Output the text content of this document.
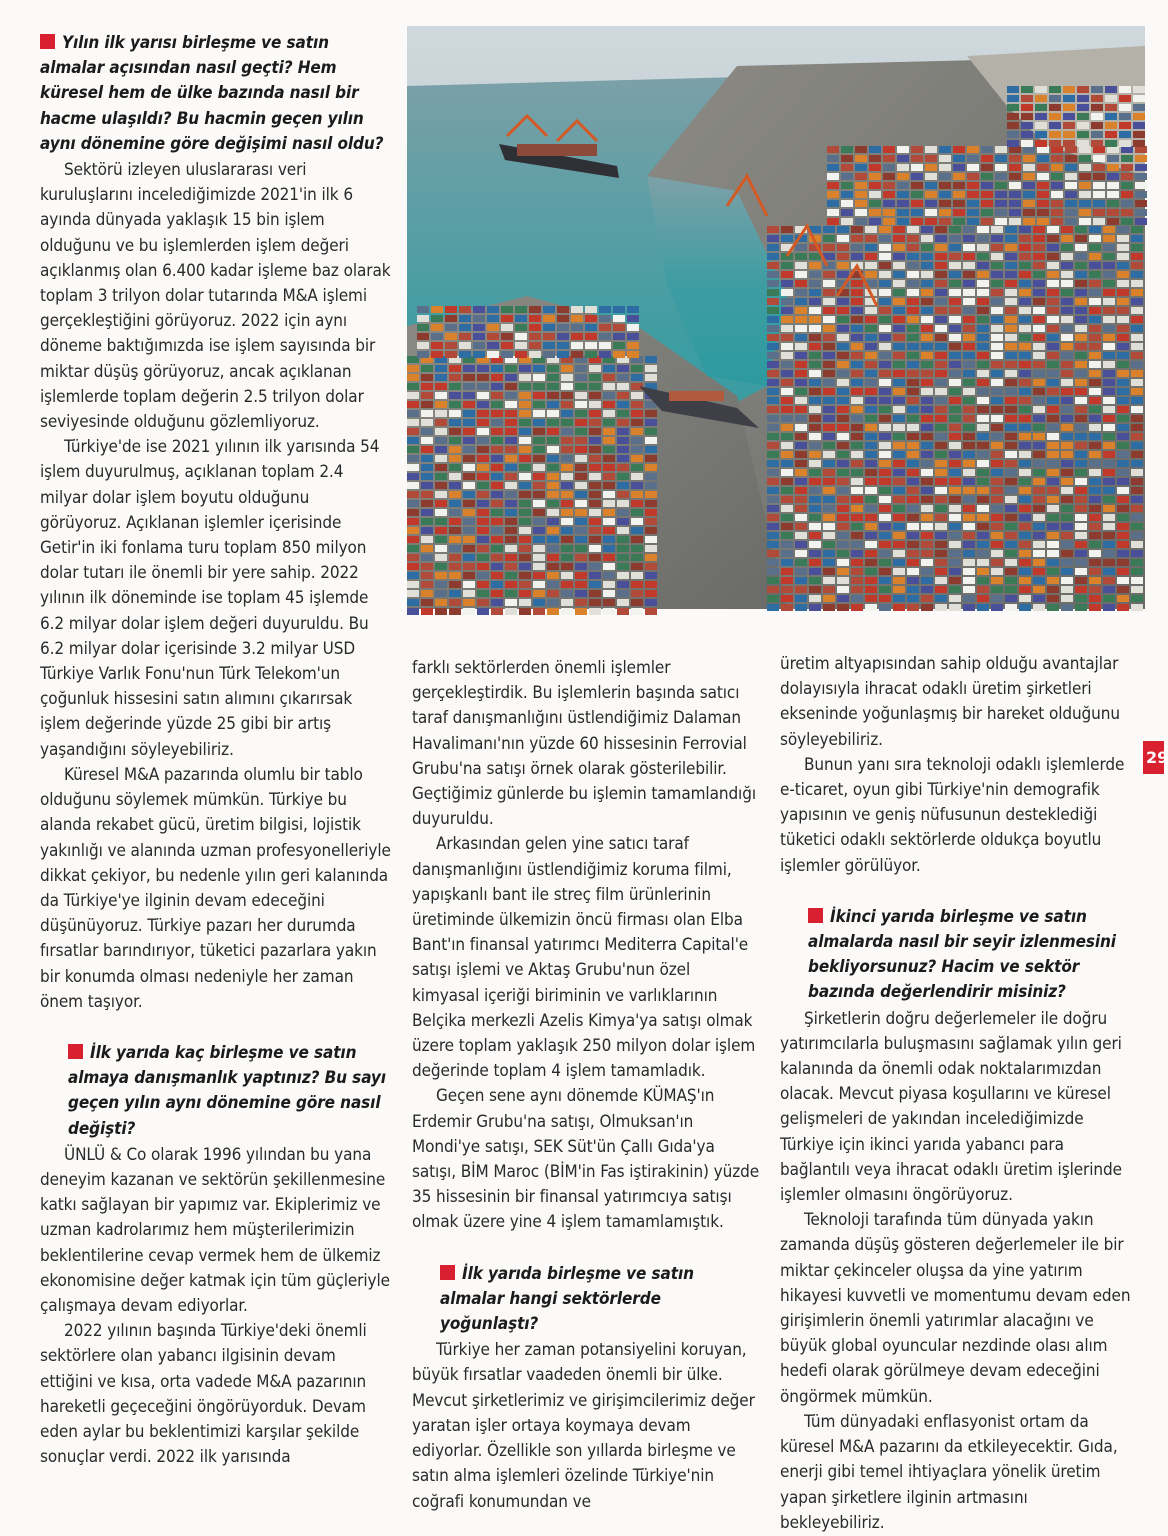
Yılın ilk yarısı birleşme ve satın almalar açısından nasıl geçti? Hem küresel hem de ülke bazında nasıl bir hacme ulaşıldı? Bu hacmin geçen yılın aynı dönemine göre değişimi nasıl oldu?

Sektörü izleyen uluslararası veri kuruluşlarını incelediğimizde 2021'in ilk 6 ayında dünyada yaklaşık 15 bin işlem olduğunu ve bu işlemlerden işlem değeri açıklanmış olan 6.400 kadar işleme baz olarak toplam 3 trilyon dolar tutarında M&A işlemi gerçekleştiğini görüyoruz. 2022 için aynı döneme baktığımızda ise işlem sayısında bir miktar düşüş görüyoruz, ancak açıklanan işlemlerde toplam değerin 2.5 trilyon dolar seviyesinde olduğunu gözlemliyoruz.

Türkiye'de ise 2021 yılının ilk yarısında 54 işlem duyurulmuş, açıklanan toplam 2.4 milyar dolar işlem boyutu olduğunu görüyoruz. Açıklanan işlemler içerisinde Getir'in iki fonlama turu toplam 850 milyon dolar tutarı ile önemli bir yere sahip. 2022 yılının ilk döneminde ise toplam 45 işlemde 6.2 milyar dolar işlem değeri duyuruldu. Bu 6.2 milyar dolar içerisinde 3.2 milyar USD Türkiye Varlık Fonu'nun Türk Telekom'un çoğunluk hissesini satın alımını çıkarırsak işlem değerinde yüzde 25 gibi bir artış yaşandığını söyleyebiliriz.

Küresel M&A pazarında olumlu bir tablo olduğunu söylemek mümkün. Türkiye bu alanda rekabet gücü, üretim bilgisi, lojistik yakınlığı ve alanında uzman profesyonelleriyle dikkat çekiyor, bu nedenle yılın geri kalanında da Türkiye'ye ilginin devam edeceğini düşünüyoruz. Türkiye pazarı her durumda fırsatlar barındırıyor, tüketici pazarlara yakın bir konumda olması nedeniyle her zaman önem taşıyor.

İlk yarıda kaç birleşme ve satın almaya danışmanlık yaptınız? Bu sayı geçen yılın aynı dönemine göre nasıl değişti?

ÜNLÜ & Co olarak 1996 yılından bu yana deneyim kazanan ve sektörün şekillenmesine katkı sağlayan bir yapımız var. Ekiplerimiz ve uzman kadrolarımız hem müşterilerimizin beklentilerine cevap vermek hem de ülkemiz ekonomisine değer katmak için tüm güçleriyle çalışmaya devam ediyorlar.

2022 yılının başında Türkiye'deki önemli sektörlere olan yabancı ilgisinin devam ettiğini ve kısa, orta vadede M&A pazarının hareketli geçeceğini öngörüyorduk. Devam eden aylar bu beklentimizi karşılar şekilde sonuçlar verdi. 2022 ilk yarısında

farklı sektörlerden önemli işlemler gerçekleştirdik. Bu işlemlerin başında satıcı taraf danışmanlığını üstlendiğimiz Dalaman Havalimanı'nın yüzde 60 hissesinin Ferrovial Grubu'na satışı örnek olarak gösterilebilir. Geçtiğimiz günlerde bu işlemin tamamlandığı duyuruldu.

Arkasından gelen yine satıcı taraf danışmanlığını üstlendiğimiz koruma filmi, yapışkanlı bant ile streç film ürünlerinin üretiminde ülkemizin öncü firması olan Elba Bant'ın finansal yatırımcı Mediterra Capital'e satışı işlemi ve Aktaş Grubu'nun özel kimyasal içeriği biriminin ve varlıklarının Belçika merkezli Azelis Kimya'ya satışı olmak üzere toplam yaklaşık 250 milyon dolar işlem değerinde toplam 4 işlem tamamladık.

Geçen sene aynı dönemde KÜMAŞ'ın Erdemir Grubu'na satışı, Olmuksan'ın Mondi'ye satışı, SEK Süt'ün Çallı Gıda'ya satışı, BİM Maroc (BİM'in Fas iştirakinin) yüzde 35 hissesinin bir finansal yatırımcıya satışı olmak üzere yine 4 işlem tamamlamıştık.

İlk yarıda birleşme ve satın almalar hangi sektörlerde yoğunlaştı?

Türkiye her zaman potansiyelini koruyan, büyük fırsatlar vaadeden önemli bir ülke. Mevcut şirketlerimiz ve girişimcilerimiz değer yaratan işler ortaya koymaya devam ediyorlar. Özellikle son yıllarda birleşme ve satın alma işlemleri özelinde Türkiye'nin coğrafi konumundan ve

üretim altyapısından sahip olduğu avantajlar dolayısıyla ihracat odaklı üretim şirketleri ekseninde yoğunlaşmış bir hareket olduğunu söyleyebiliriz.

Bunun yanı sıra teknoloji odaklı işlemlerde e-ticaret, oyun gibi Türkiye'nin demografik yapısının ve geniş nüfusunun desteklediği tüketici odaklı sektörlerde oldukça boyutlu işlemler görülüyor.

İkinci yarıda birleşme ve satın almalarda nasıl bir seyir izlenmesini bekliyorsunuz? Hacim ve sektör bazında değerlendirir misiniz?

Şirketlerin doğru değerlemeler ile doğru yatırımcılarla buluşmasını sağlamak yılın geri kalanında da önemli odak noktalarımızdan olacak. Mevcut piyasa koşullarını ve küresel gelişmeleri de yakından incelediğimizde Türkiye için ikinci yarıda yabancı para bağlantılı veya ihracat odaklı üretim işlerinde işlemler olmasını öngörüyoruz.

Teknoloji tarafında tüm dünyada yakın zamanda düşüş gösteren değerlemeler ile bir miktar çekinceler oluşsa da yine yatırım hikayesi kuvvetli ve momentumu devam eden girişimlerin önemli yatırımlar alacağını ve büyük global oyuncular nezdinde olası alım hedefi olarak görülmeye devam edeceğini öngörmek mümkün.

Tüm dünyadaki enflasyonist ortam da küresel M&A pazarını da etkileyecektir. Gıda, enerji gibi temel ihtiyaçlara yönelik üretim yapan şirketlere ilginin artmasını bekleyebiliriz.

29
